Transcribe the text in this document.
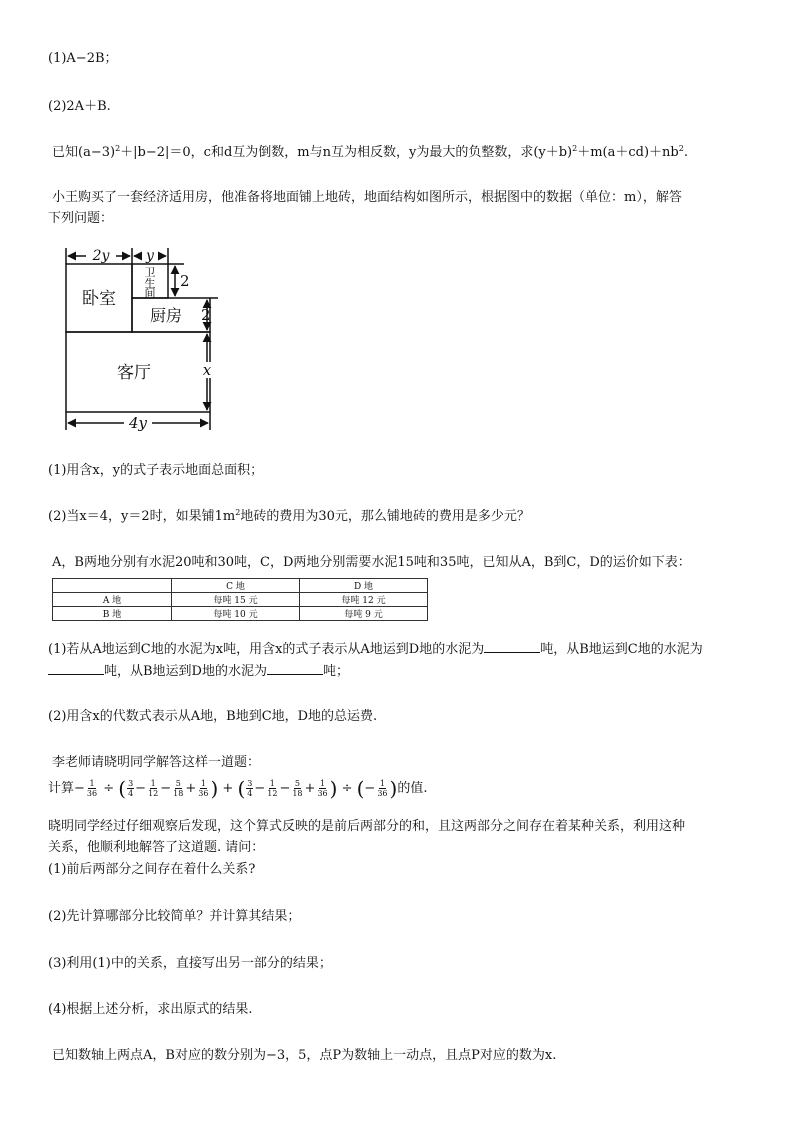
(1)A−2B；
(2)2A＋B.
已知$(a-3)^2+|b-2|=0$，c和d互为倒数，m与n互为相反数，y为最大的负整数，求$(y+b)^2+m(a+cd)+nb^2$.
小王购买了一套经济适用房，他准备将地面铺上地砖，地面结构如图所示，根据图中的数据（单位：m），解答
下列问题：
2y	y
卧室
卫
生
间
厨房
客厅
2
2
x
4y
(1)用含x，y的式子表示地面总面积；
(2)当x＝4，y＝2时，如果铺$1m^2$地砖的费用为30元，那么铺地砖的费用是多少元？
A，B两地分别有水泥20吨和30吨，C，D两地分别需要水泥15吨和35吨，已知从A，B到C，D的运价如下表：
	C 地	D 地
A 地	每吨 15 元	每吨 12 元
B 地	每吨 10 元	每吨 9 元
(1)若从A地运到C地的水泥为x吨，用含x的式子表示从A地运到D地的水泥为	吨，从B地运到C地的水泥为
吨，从B地运到D地的水泥为	吨；
(2)用含x的代数式表示从A地，B地到C地，D地的总运费.
李老师请晓明同学解答这样一道题：
计算− $\frac{1}{36}$ ÷ ( $\frac{3}{4} - \frac{1}{12} - \frac{5}{18} + \frac{1}{36}$ ) + ( $\frac{3}{4} - \frac{1}{12} - \frac{5}{18} + \frac{1}{36}$ ) ÷ (− $\frac{1}{36}$ )的值.
晓明同学经过仔细观察后发现，这个算式反映的是前后两部分的和，且这两部分之间存在着某种关系，利用这种
关系，他顺利地解答了这道题. 请问：
(1)前后两部分之间存在着什么关系?
(2)先计算哪部分比较简单？并计算其结果；
(3)利用(1)中的关系，直接写出另一部分的结果；
(4)根据上述分析，求出原式的结果.
已知数轴上两点A，B对应的数分别为−3，5，点P为数轴上一动点，且点P对应的数为x.
